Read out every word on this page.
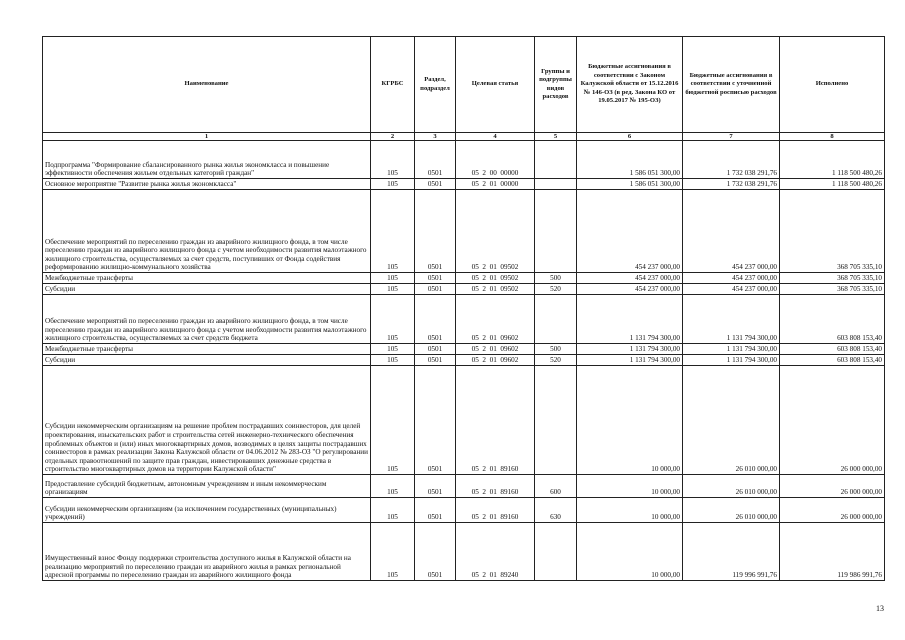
Наименование	КГРБС	Раздел, подраздел	Целевая статья	Группы и подгруппы видов расходов	Бюджетные ассигнования в соответствии с Законом Калужской области от 15.12.2016 № 146-ОЗ (в ред. Закона КО от 19.05.2017 № 195-ОЗ)	Бюджетные ассигнования в соответствии с уточненной бюджетной росписью расходов	Исполнено
1	2	3	4	5	6	7	8
Подпрограмма "Формирование сбалансированного рынка жилья экономкласса и повышение эффективности обеспечения жильем отдельных категорий граждан"	105	0501	05  2  00  00000		1 586 051 300,00	1 732 038 291,76	1 118 500 480,26
Основное мероприятие "Развитие рынка жилья экономкласса"	105	0501	05  2  01  00000		1 586 051 300,00	1 732 038 291,76	1 118 500 480,26
Обеспечение мероприятий по переселению граждан из аварийного жилищного фонда, в том числе переселению граждан из аварийного жилищного фонда с учетом необходимости развития малоэтажного жилищного строительства, осуществляемых за счет средств, поступивших от Фонда содействия реформированию жилищно-коммунального хозяйства	105	0501	05  2  01  09502		454 237 000,00	454 237 000,00	368 705 335,10
Межбюджетные трансферты	105	0501	05  2  01  09502	500	454 237 000,00	454 237 000,00	368 705 335,10
Субсидии	105	0501	05  2  01  09502	520	454 237 000,00	454 237 000,00	368 705 335,10
Обеспечение мероприятий по переселению граждан из аварийного жилищного фонда, в том числе переселению граждан из аварийного жилищного фонда с учетом необходимости развития малоэтажного жилищного строительства, осуществляемых за счет средств бюджета	105	0501	05  2  01  09602		1 131 794 300,00	1 131 794 300,00	603 808 153,40
Межбюджетные трансферты	105	0501	05  2  01  09602	500	1 131 794 300,00	1 131 794 300,00	603 808 153,40
Субсидии	105	0501	05  2  01  09602	520	1 131 794 300,00	1 131 794 300,00	603 808 153,40
Субсидии некоммерческим организациям на решение проблем пострадавших соинвесторов, для целей проектирования, изыскательских работ и строительства сетей инженерно-технического обеспечения проблемных объектов и (или) иных многоквартирных домов, возводимых в целях защиты пострадавших соинвесторов в рамках реализации Закона Калужской области от 04.06.2012 № 283-ОЗ "О регулировании отдельных правоотношений по защите прав граждан, инвестировавших денежные средства в строительство многоквартирных домов на территории Калужской области"	105	0501	05  2  01  89160		10 000,00	26 010 000,00	26 000 000,00
Предоставление субсидий бюджетным, автономным учреждениям и иным некоммерческим организациям	105	0501	05  2  01  89160	600	10 000,00	26 010 000,00	26 000 000,00
Субсидии некоммерческим организациям (за исключением государственных (муниципальных) учреждений)	105	0501	05  2  01  89160	630	10 000,00	26 010 000,00	26 000 000,00
Имущественный взнос Фонду поддержки строительства доступного жилья в Калужской области на реализацию мероприятий по переселению граждан из аварийного жилья в рамках региональной адресной программы по переселению граждан из аварийного жилищного фонда	105	0501	05  2  01  89240		10 000,00	119 996 991,76	119 986 991,76
13
